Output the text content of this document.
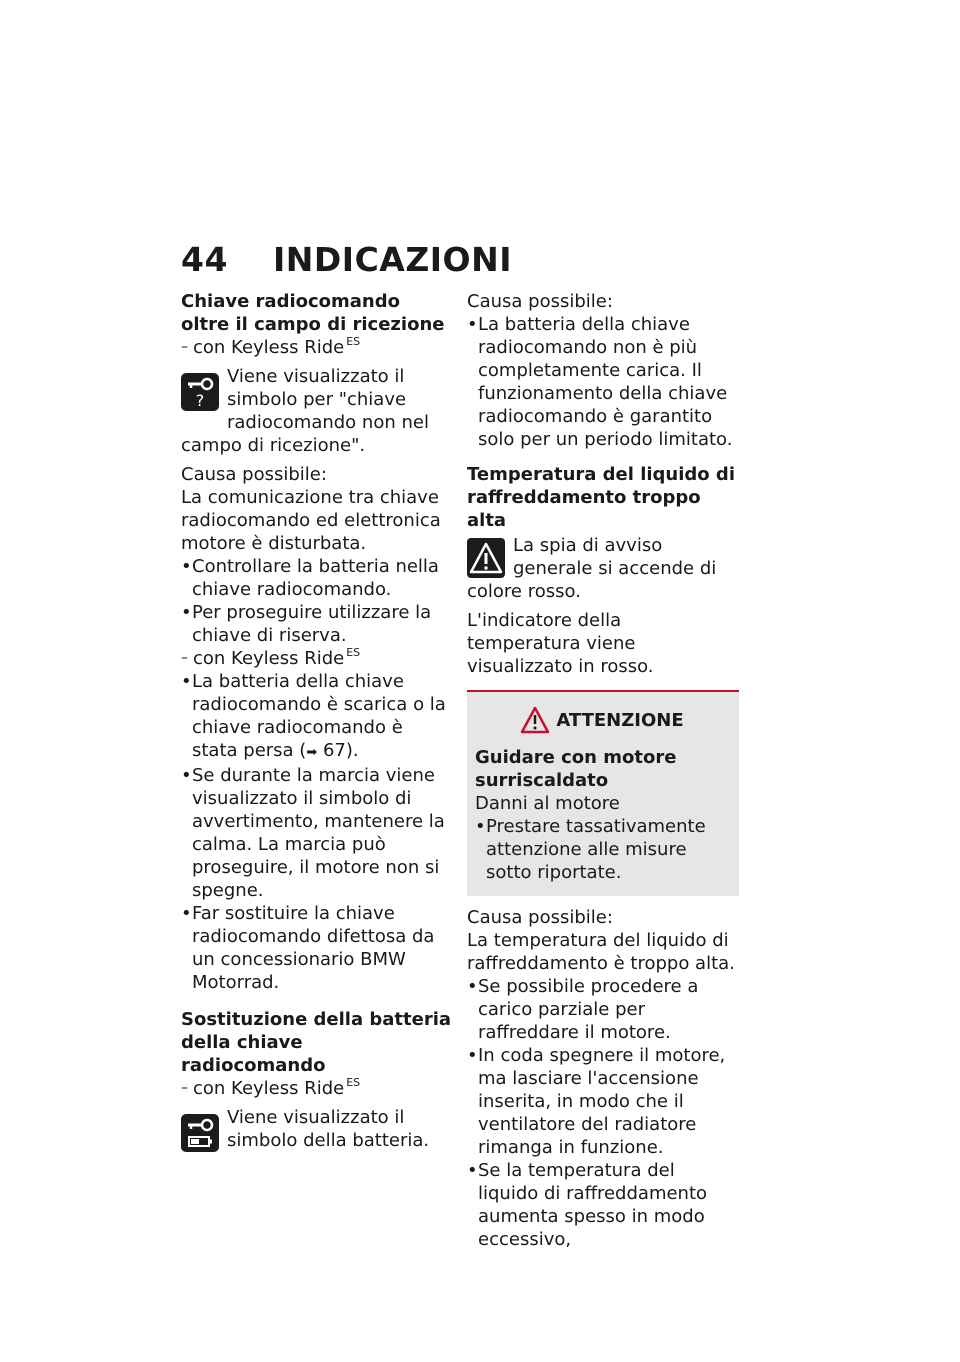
44 INDICAZIONI
Chiave radiocomando oltre il campo di ricezione
– con Keyless Ride $^{ES}$
?

Viene visualizzato il simbolo per "chiave radiocomando non nel campo di ricezione".

Causa possibile:

La comunicazione tra chiave radiocomando ed elettronica motore è disturbata.

• Controllare la batteria nella chiave radiocomando.
• Per proseguire utilizzare la chiave di riserva.
– con Keyless Ride $^{ES}$
• La batteria della chiave radiocomando è scarica o la chiave radiocomando è stata persa (➡ 67).
• Se durante la marcia viene visualizzato il simbolo di avvertimento, mantenere la calma. La marcia può proseguire, il motore non si spegne.
• Far sostituire la chiave radiocomando difettosa da un concessionario BMW Motorrad.
Sostituzione della batteria della chiave radiocomando
– con Keyless Ride $^{ES}$

Viene visualizzato il simbolo della batteria.

Causa possibile:

• La batteria della chiave radiocomando non è più completamente carica. Il funzionamento della chiave radiocomando è garantito solo per un periodo limitato.
Temperatura del liquido di raffreddamento troppo alta

La spia di avviso generale si accende di colore rosso.

L'indicatore della temperatura viene visualizzato in rosso.

ATTENZIONE
Guidare con motore surriscaldato

Danni al motore

• Prestare tassativamente attenzione alle misure sotto riportate.

Causa possibile:

La temperatura del liquido di raffreddamento è troppo alta.

• Se possibile procedere a carico parziale per raffreddare il motore.
• In coda spegnere il motore, ma lasciare l'accensione inserita, in modo che il ventilatore del radiatore rimanga in funzione.
• Se la temperatura del liquido di raffreddamento aumenta spesso in modo eccessivo,
